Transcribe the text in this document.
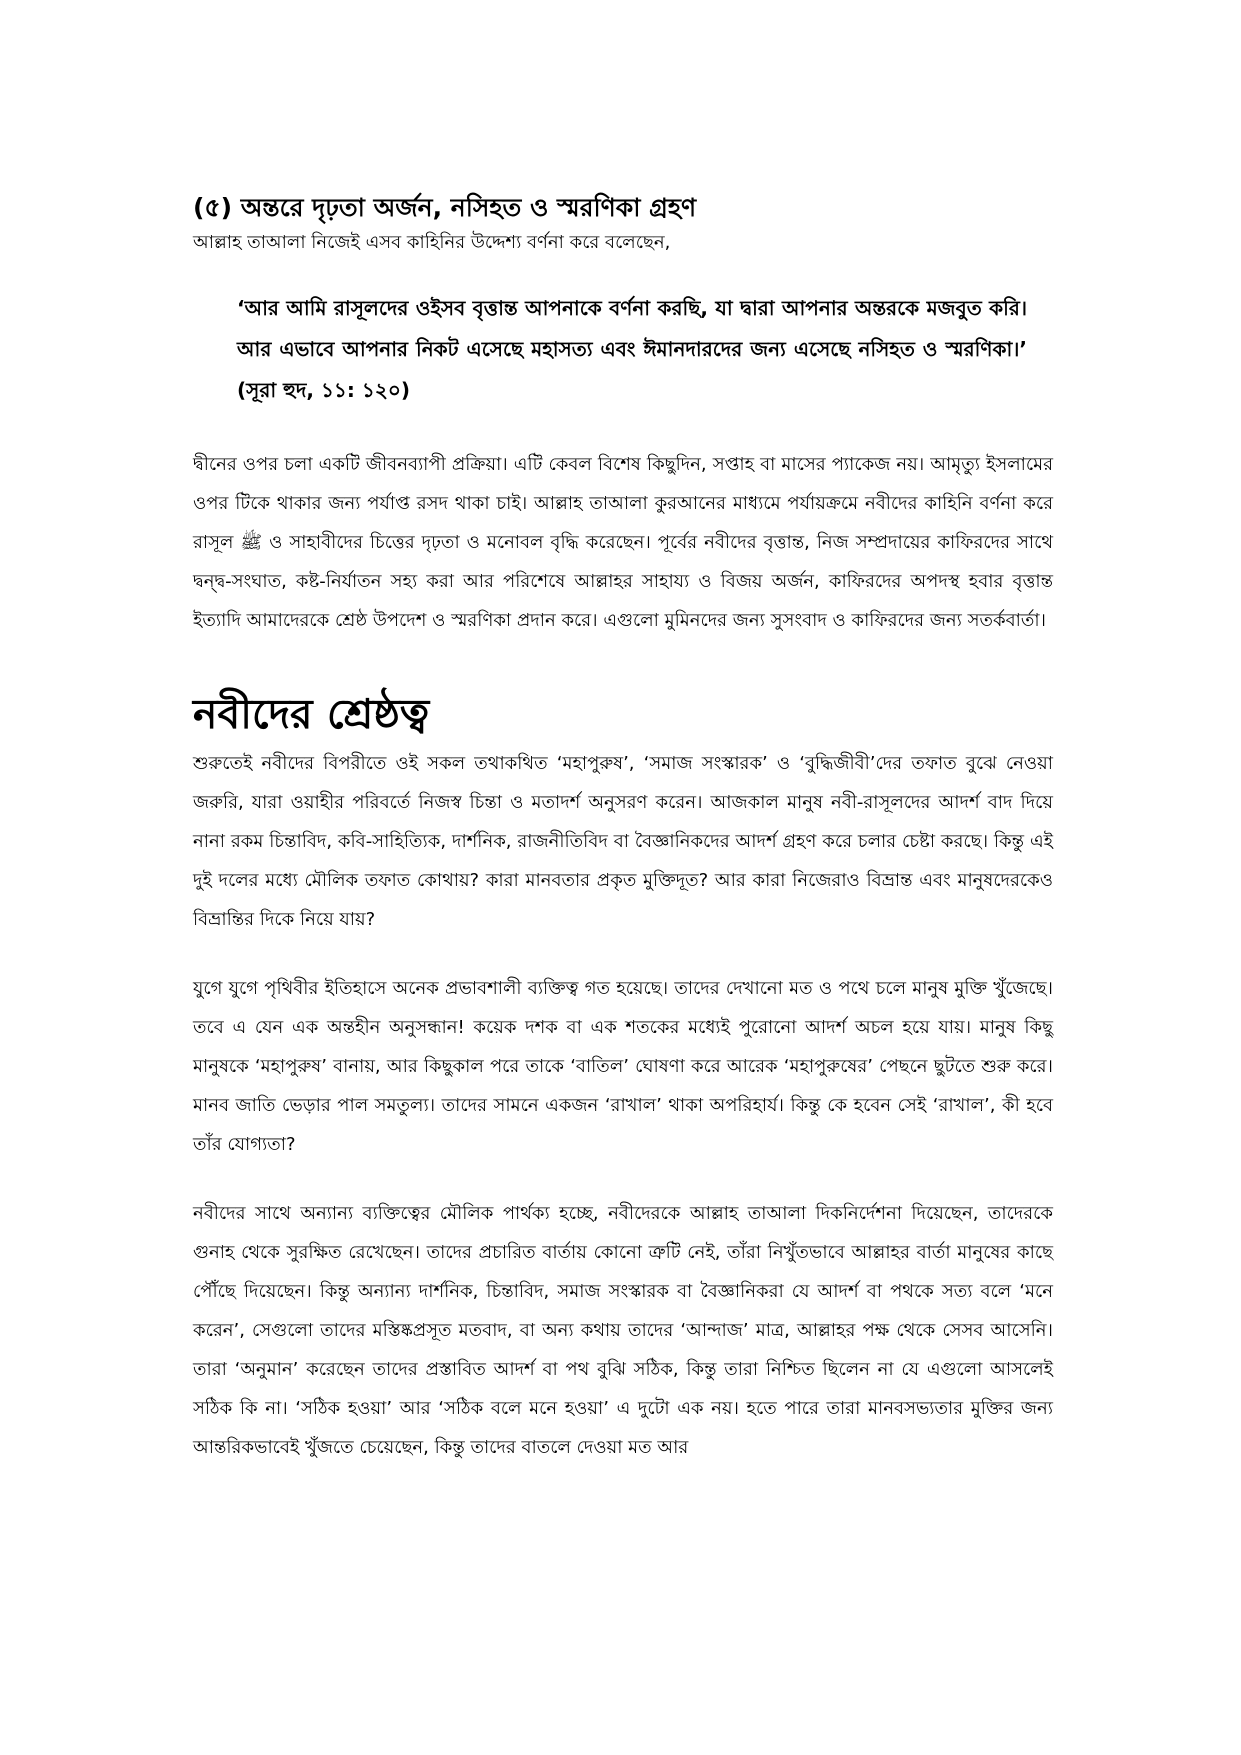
(৫) অন্তরে দৃঢ়তা অর্জন, নসিহত ও স্মরণিকা গ্রহণ

আল্লাহ তাআলা নিজেই এসব কাহিনির উদ্দেশ্য বর্ণনা করে বলেছেন,

‘আর আমি রাসূলদের ওইসব বৃত্তান্ত আপনাকে বর্ণনা করছি, যা দ্বারা আপনার অন্তরকে মজবুত করি। আর এভাবে আপনার নিকট এসেছে মহাসত্য এবং ঈমানদারদের জন্য এসেছে নসিহত ও স্মরণিকা।’ (সূরা হুদ, ১১: ১২০)

দ্বীনের ওপর চলা একটি জীবনব্যাপী প্রক্রিয়া। এটি কেবল বিশেষ কিছুদিন, সপ্তাহ বা মাসের প্যাকেজ নয়। আমৃত্যু ইসলামের ওপর টিকে থাকার জন্য পর্যাপ্ত রসদ থাকা চাই। আল্লাহ তাআলা কুরআনের মাধ্যমে পর্যায়ক্রমে নবীদের কাহিনি বর্ণনা করে রাসূল ﷺ ও সাহাবীদের চিত্তের দৃঢ়তা ও মনোবল বৃদ্ধি করেছেন। পূর্বের নবীদের বৃত্তান্ত, নিজ সম্প্রদায়ের কাফিরদের সাথে দ্বন্দ্ব-সংঘাত, কষ্ট-নির্যাতন সহ্য করা আর পরিশেষে আল্লাহর সাহায্য ও বিজয় অর্জন, কাফিরদের অপদস্থ হবার বৃত্তান্ত ইত্যাদি আমাদেরকে শ্রেষ্ঠ উপদেশ ও স্মরণিকা প্রদান করে। এগুলো মুমিনদের জন্য সুসংবাদ ও কাফিরদের জন্য সতর্কবার্তা।

নবীদের শ্রেষ্ঠত্ব

শুরুতেই নবীদের বিপরীতে ওই সকল তথাকথিত ‘মহাপুরুষ’, ‘সমাজ সংস্কারক’ ও ‘বুদ্ধিজীবী’দের তফাত বুঝে নেওয়া জরুরি, যারা ওয়াহীর পরিবর্তে নিজস্ব চিন্তা ও মতাদর্শ অনুসরণ করেন। আজকাল মানুষ নবী-রাসূলদের আদর্শ বাদ দিয়ে নানা রকম চিন্তাবিদ, কবি-সাহিত্যিক, দার্শনিক, রাজনীতিবিদ বা বৈজ্ঞানিকদের আদর্শ গ্রহণ করে চলার চেষ্টা করছে। কিন্তু এই দুই দলের মধ্যে মৌলিক তফাত কোথায়? কারা মানবতার প্রকৃত মুক্তিদূত? আর কারা নিজেরাও বিভ্রান্ত এবং মানুষদেরকেও বিভ্রান্তির দিকে নিয়ে যায়?

যুগে যুগে পৃথিবীর ইতিহাসে অনেক প্রভাবশালী ব্যক্তিত্ব গত হয়েছে। তাদের দেখানো মত ও পথে চলে মানুষ মুক্তি খুঁজেছে। তবে এ যেন এক অন্তহীন অনুসন্ধান! কয়েক দশক বা এক শতকের মধ্যেই পুরোনো আদর্শ অচল হয়ে যায়। মানুষ কিছু মানুষকে ‘মহাপুরুষ’ বানায়, আর কিছুকাল পরে তাকে ‘বাতিল’ ঘোষণা করে আরেক ‘মহাপুরুষের’ পেছনে ছুটতে শুরু করে। মানব জাতি ভেড়ার পাল সমতুল্য। তাদের সামনে একজন ‘রাখাল’ থাকা অপরিহার্য। কিন্তু কে হবেন সেই ‘রাখাল’, কী হবে তাঁর যোগ্যতা?

নবীদের সাথে অন্যান্য ব্যক্তিত্বের মৌলিক পার্থক্য হচ্ছে, নবীদেরকে আল্লাহ তাআলা দিকনির্দেশনা দিয়েছেন, তাদেরকে গুনাহ থেকে সুরক্ষিত রেখেছেন। তাদের প্রচারিত বার্তায় কোনো ত্রুটি নেই, তাঁরা নিখুঁতভাবে আল্লাহর বার্তা মানুষের কাছে পৌঁছে দিয়েছেন। কিন্তু অন্যান্য দার্শনিক, চিন্তাবিদ, সমাজ সংস্কারক বা বৈজ্ঞানিকরা যে আদর্শ বা পথকে সত্য বলে ‘মনে করেন’, সেগুলো তাদের মস্তিষ্কপ্রসূত মতবাদ, বা অন্য কথায় তাদের ‘আন্দাজ’ মাত্র, আল্লাহর পক্ষ থেকে সেসব আসেনি। তারা ‘অনুমান’ করেছেন তাদের প্রস্তাবিত আদর্শ বা পথ বুঝি সঠিক, কিন্তু তারা নিশ্চিত ছিলেন না যে এগুলো আসলেই সঠিক কি না। ‘সঠিক হওয়া’ আর ‘সঠিক বলে মনে হওয়া’ এ দুটো এক নয়। হতে পারে তারা মানবসভ্যতার মুক্তির জন্য আন্তরিকভাবেই খুঁজতে চেয়েছেন, কিন্তু তাদের বাতলে দেওয়া মত আর
